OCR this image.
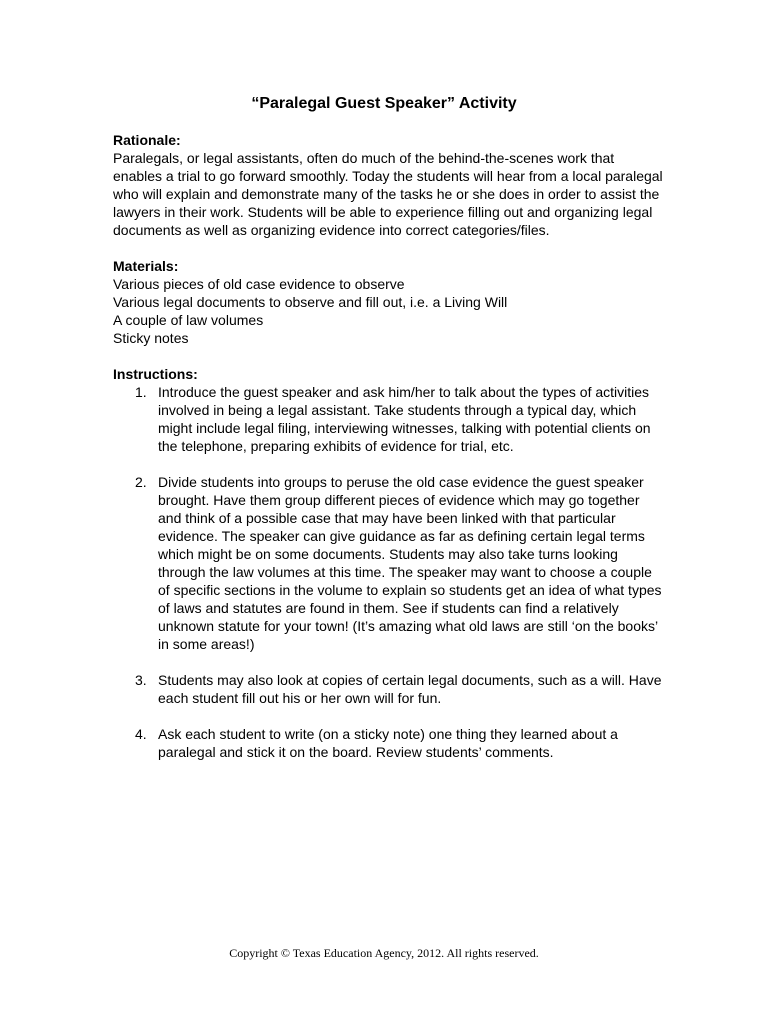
“Paralegal Guest Speaker” Activity

Rationale:

Paralegals, or legal assistants, often do much of the behind-the-scenes work that enables a trial to go forward smoothly. Today the students will hear from a local paralegal who will explain and demonstrate many of the tasks he or she does in order to assist the lawyers in their work. Students will be able to experience filling out and organizing legal documents as well as organizing evidence into correct categories/files.

Materials:

Various pieces of old case evidence to observe

Various legal documents to observe and fill out, i.e. a Living Will

A couple of law volumes

Sticky notes

Instructions:

1. Introduce the guest speaker and ask him/her to talk about the types of activities involved in being a legal assistant. Take students through a typical day, which might include legal filing, interviewing witnesses, talking with potential clients on the telephone, preparing exhibits of evidence for trial, etc.
2. Divide students into groups to peruse the old case evidence the guest speaker brought. Have them group different pieces of evidence which may go together and think of a possible case that may have been linked with that particular evidence. The speaker can give guidance as far as defining certain legal terms which might be on some documents. Students may also take turns looking through the law volumes at this time. The speaker may want to choose a couple of specific sections in the volume to explain so students get an idea of what types of laws and statutes are found in them. See if students can find a relatively unknown statute for your town! (It’s amazing what old laws are still ‘on the books’ in some areas!)
3. Students may also look at copies of certain legal documents, such as a will. Have each student fill out his or her own will for fun.
4. Ask each student to write (on a sticky note) one thing they learned about a paralegal and stick it on the board. Review students’ comments.
Copyright © Texas Education Agency, 2012. All rights reserved.
